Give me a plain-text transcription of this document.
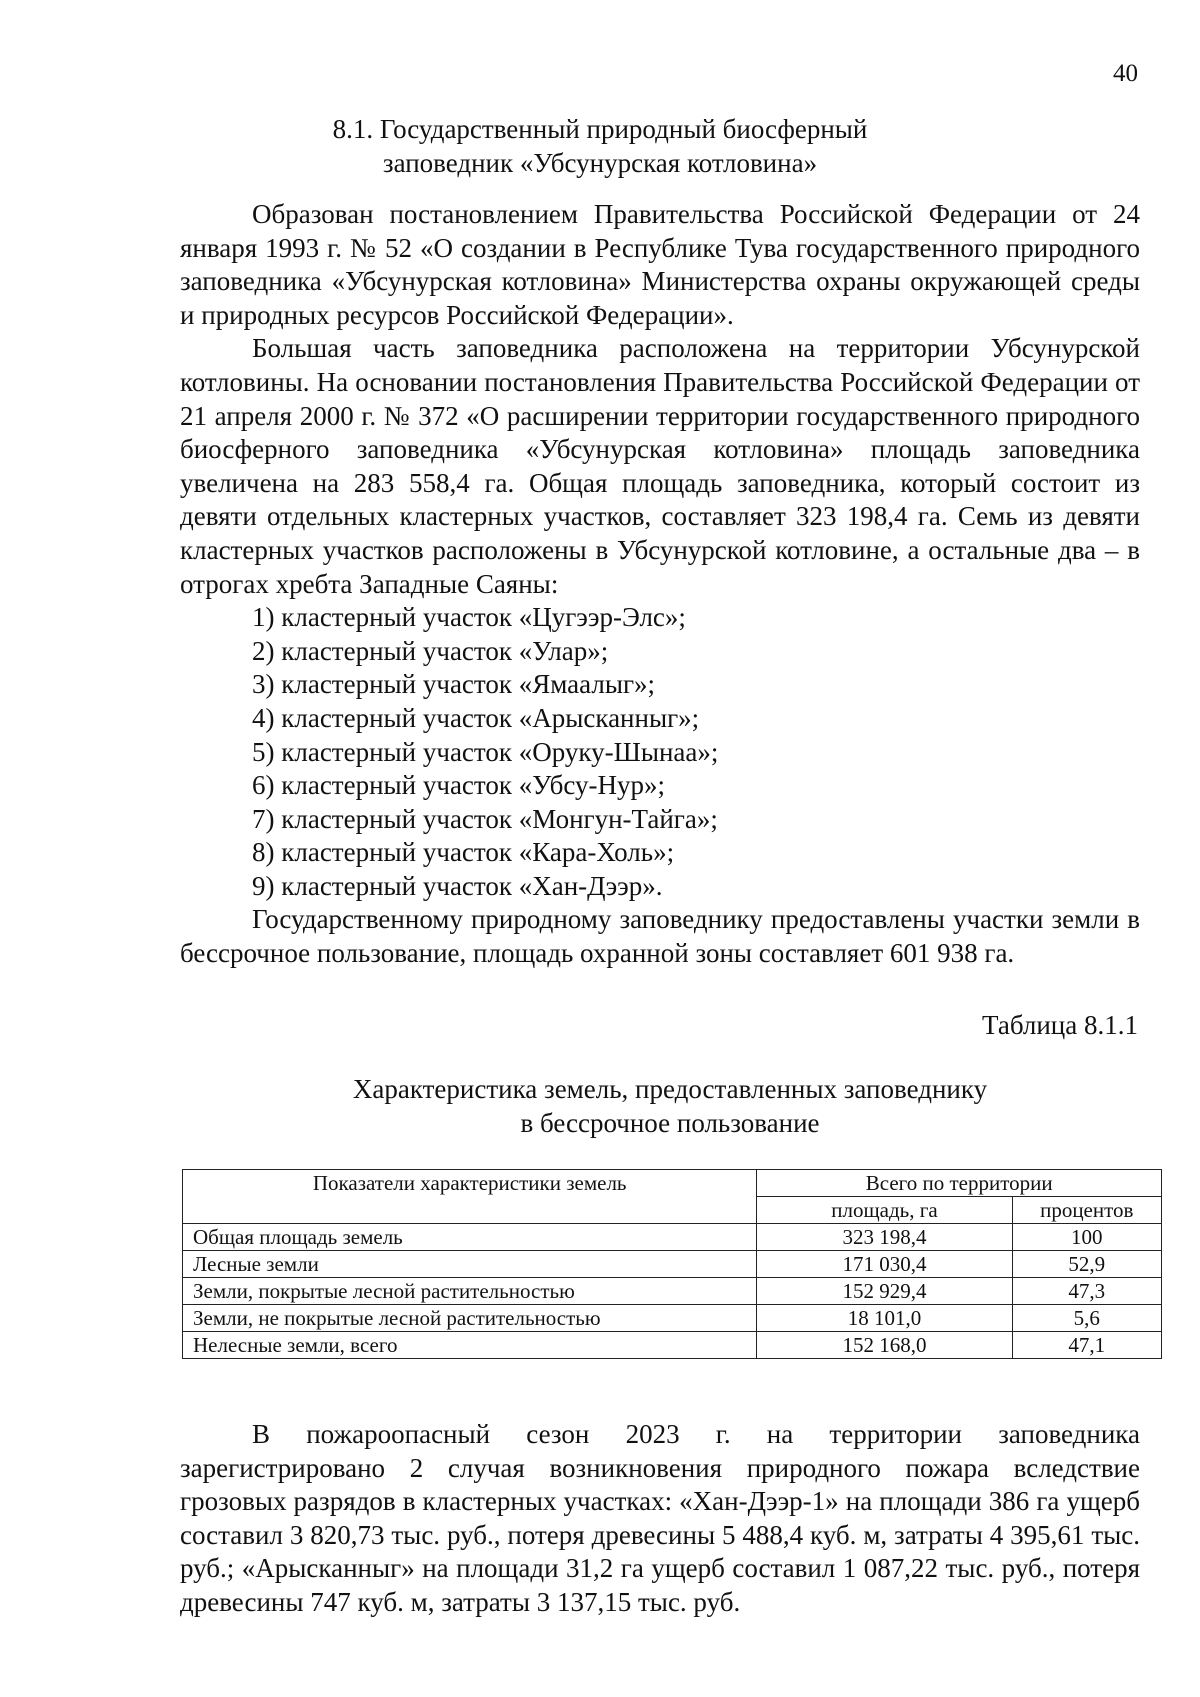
40
8.1. Государственный природный биосферный
заповедник «Убсунурская котловина»

Образован постановлением Правительства Российской Федерации от 24 января 1993 г. № 52 «О создании в Республике Тува государственного природного заповедника «Убсунурская котловина» Министерства охраны окружающей среды и природных ресурсов Российской Федерации».

Большая часть заповедника расположена на территории Убсунурской котловины. На основании постановления Правительства Российской Федерации от 21 апреля 2000 г. № 372 «О расширении территории государственного природного биосферного заповедника «Убсунурская котловина» площадь заповедника увеличена на 283 558,4 га. Общая площадь заповедника, который состоит из девяти отдельных кластерных участков, составляет 323 198,4 га. Семь из девяти кластерных участков расположены в Убсунурской котловине, а остальные два – в отрогах хребта Западные Саяны:

1) кластерный участок «Цугээр-Элс»;

2) кластерный участок «Улар»;

3) кластерный участок «Ямаалыг»;

4) кластерный участок «Арысканныг»;

5) кластерный участок «Оруку-Шынаа»;

6) кластерный участок «Убсу-Нур»;

7) кластерный участок «Монгун-Тайга»;

8) кластерный участок «Кара-Холь»;

9) кластерный участок «Хан-Дээр».

Государственному природному заповеднику предоставлены участки земли в бессрочное пользование, площадь охранной зоны составляет 601 938 га.

Таблица 8.1.1
Характеристика земель, предоставленных заповеднику
в бессрочное пользование
Показатели характеристики земель	Всего по территории	
	площадь, га	процентов
Общая площадь земель	323 198,4	100
Лесные земли	171 030,4	52,9
Земли, покрытые лесной растительностью	152 929,4	47,3
Земли, не покрытые лесной растительностью	18 101,0	5,6
Нелесные земли, всего	152 168,0	47,1

В пожароопасный сезон 2023 г. на территории заповедника зарегистрировано 2 случая возникновения природного пожара вследствие грозовых разрядов в кластерных участках: «Хан-Дээр-1» на площади 386 га ущерб составил 3 820,73 тыс. руб., потеря древесины 5 488,4 куб. м, затраты 4 395,61 тыс. руб.; «Арысканныг» на площади 31,2 га ущерб составил 1 087,22 тыс. руб., потеря древесины 747 куб. м, затраты 3 137,15 тыс. руб.
